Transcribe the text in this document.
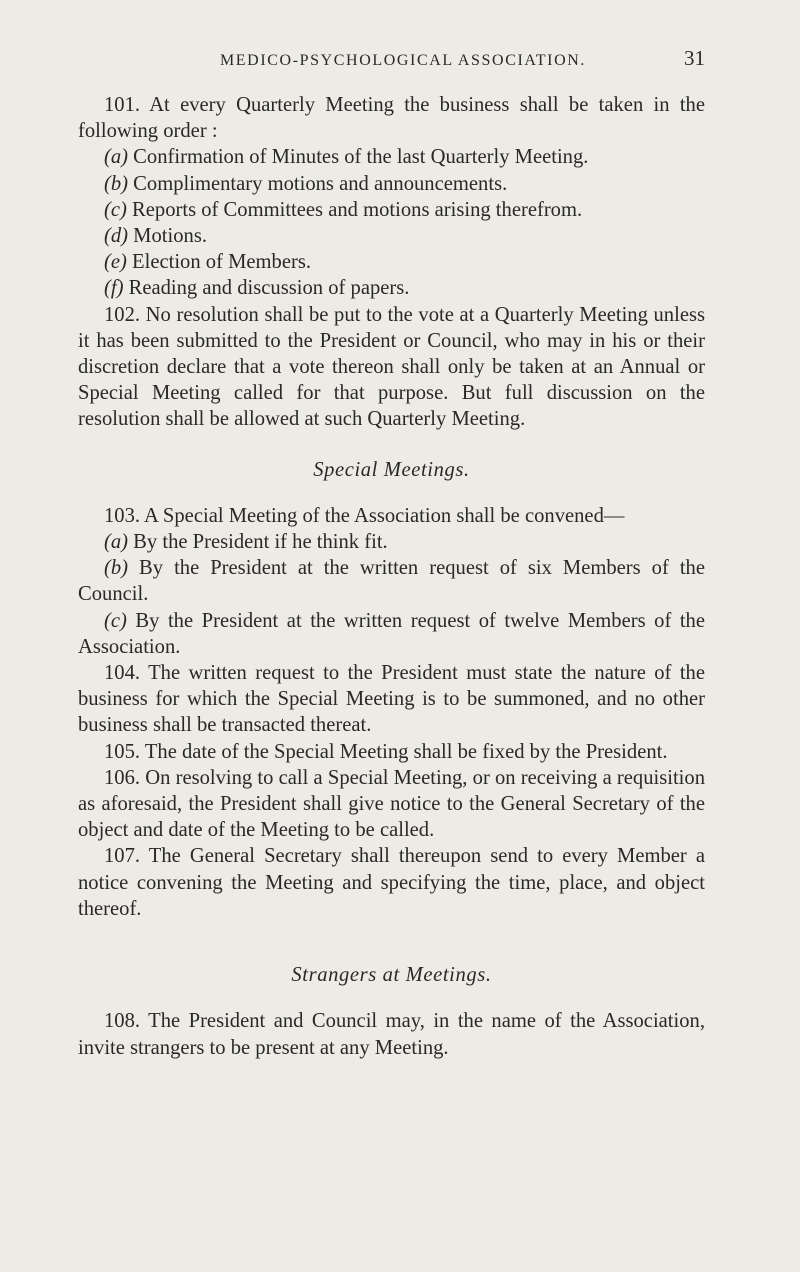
MEDICO-PSYCHOLOGICAL ASSOCIATION.	31

101. At every Quarterly Meeting the business shall be taken in the following order :

(a) Confirmation of Minutes of the last Quarterly Meeting.

(b) Complimentary motions and announcements.

(c) Reports of Committees and motions arising therefrom.

(d) Motions.

(e) Election of Members.

(f) Reading and discussion of papers.

102. No resolution shall be put to the vote at a Quarterly Meeting unless it has been submitted to the President or Council, who may in his or their discretion declare that a vote thereon shall only be taken at an Annual or Special Meeting called for that purpose. But full discussion on the resolution shall be allowed at such Quarterly Meeting.

Special Meetings.

103. A Special Meeting of the Association shall be convened—

(a) By the President if he think fit.

(b) By the President at the written request of six Members of the Council.

(c) By the President at the written request of twelve Members of the Association.

104. The written request to the President must state the nature of the business for which the Special Meeting is to be summoned, and no other business shall be transacted thereat.

105. The date of the Special Meeting shall be fixed by the President.

106. On resolving to call a Special Meeting, or on receiving a requisition as aforesaid, the President shall give notice to the General Secretary of the object and date of the Meeting to be called.

107. The General Secretary shall thereupon send to every Member a notice convening the Meeting and specifying the time, place, and object thereof.

Strangers at Meetings.

108. The President and Council may, in the name of the Association, invite strangers to be present at any Meeting.
